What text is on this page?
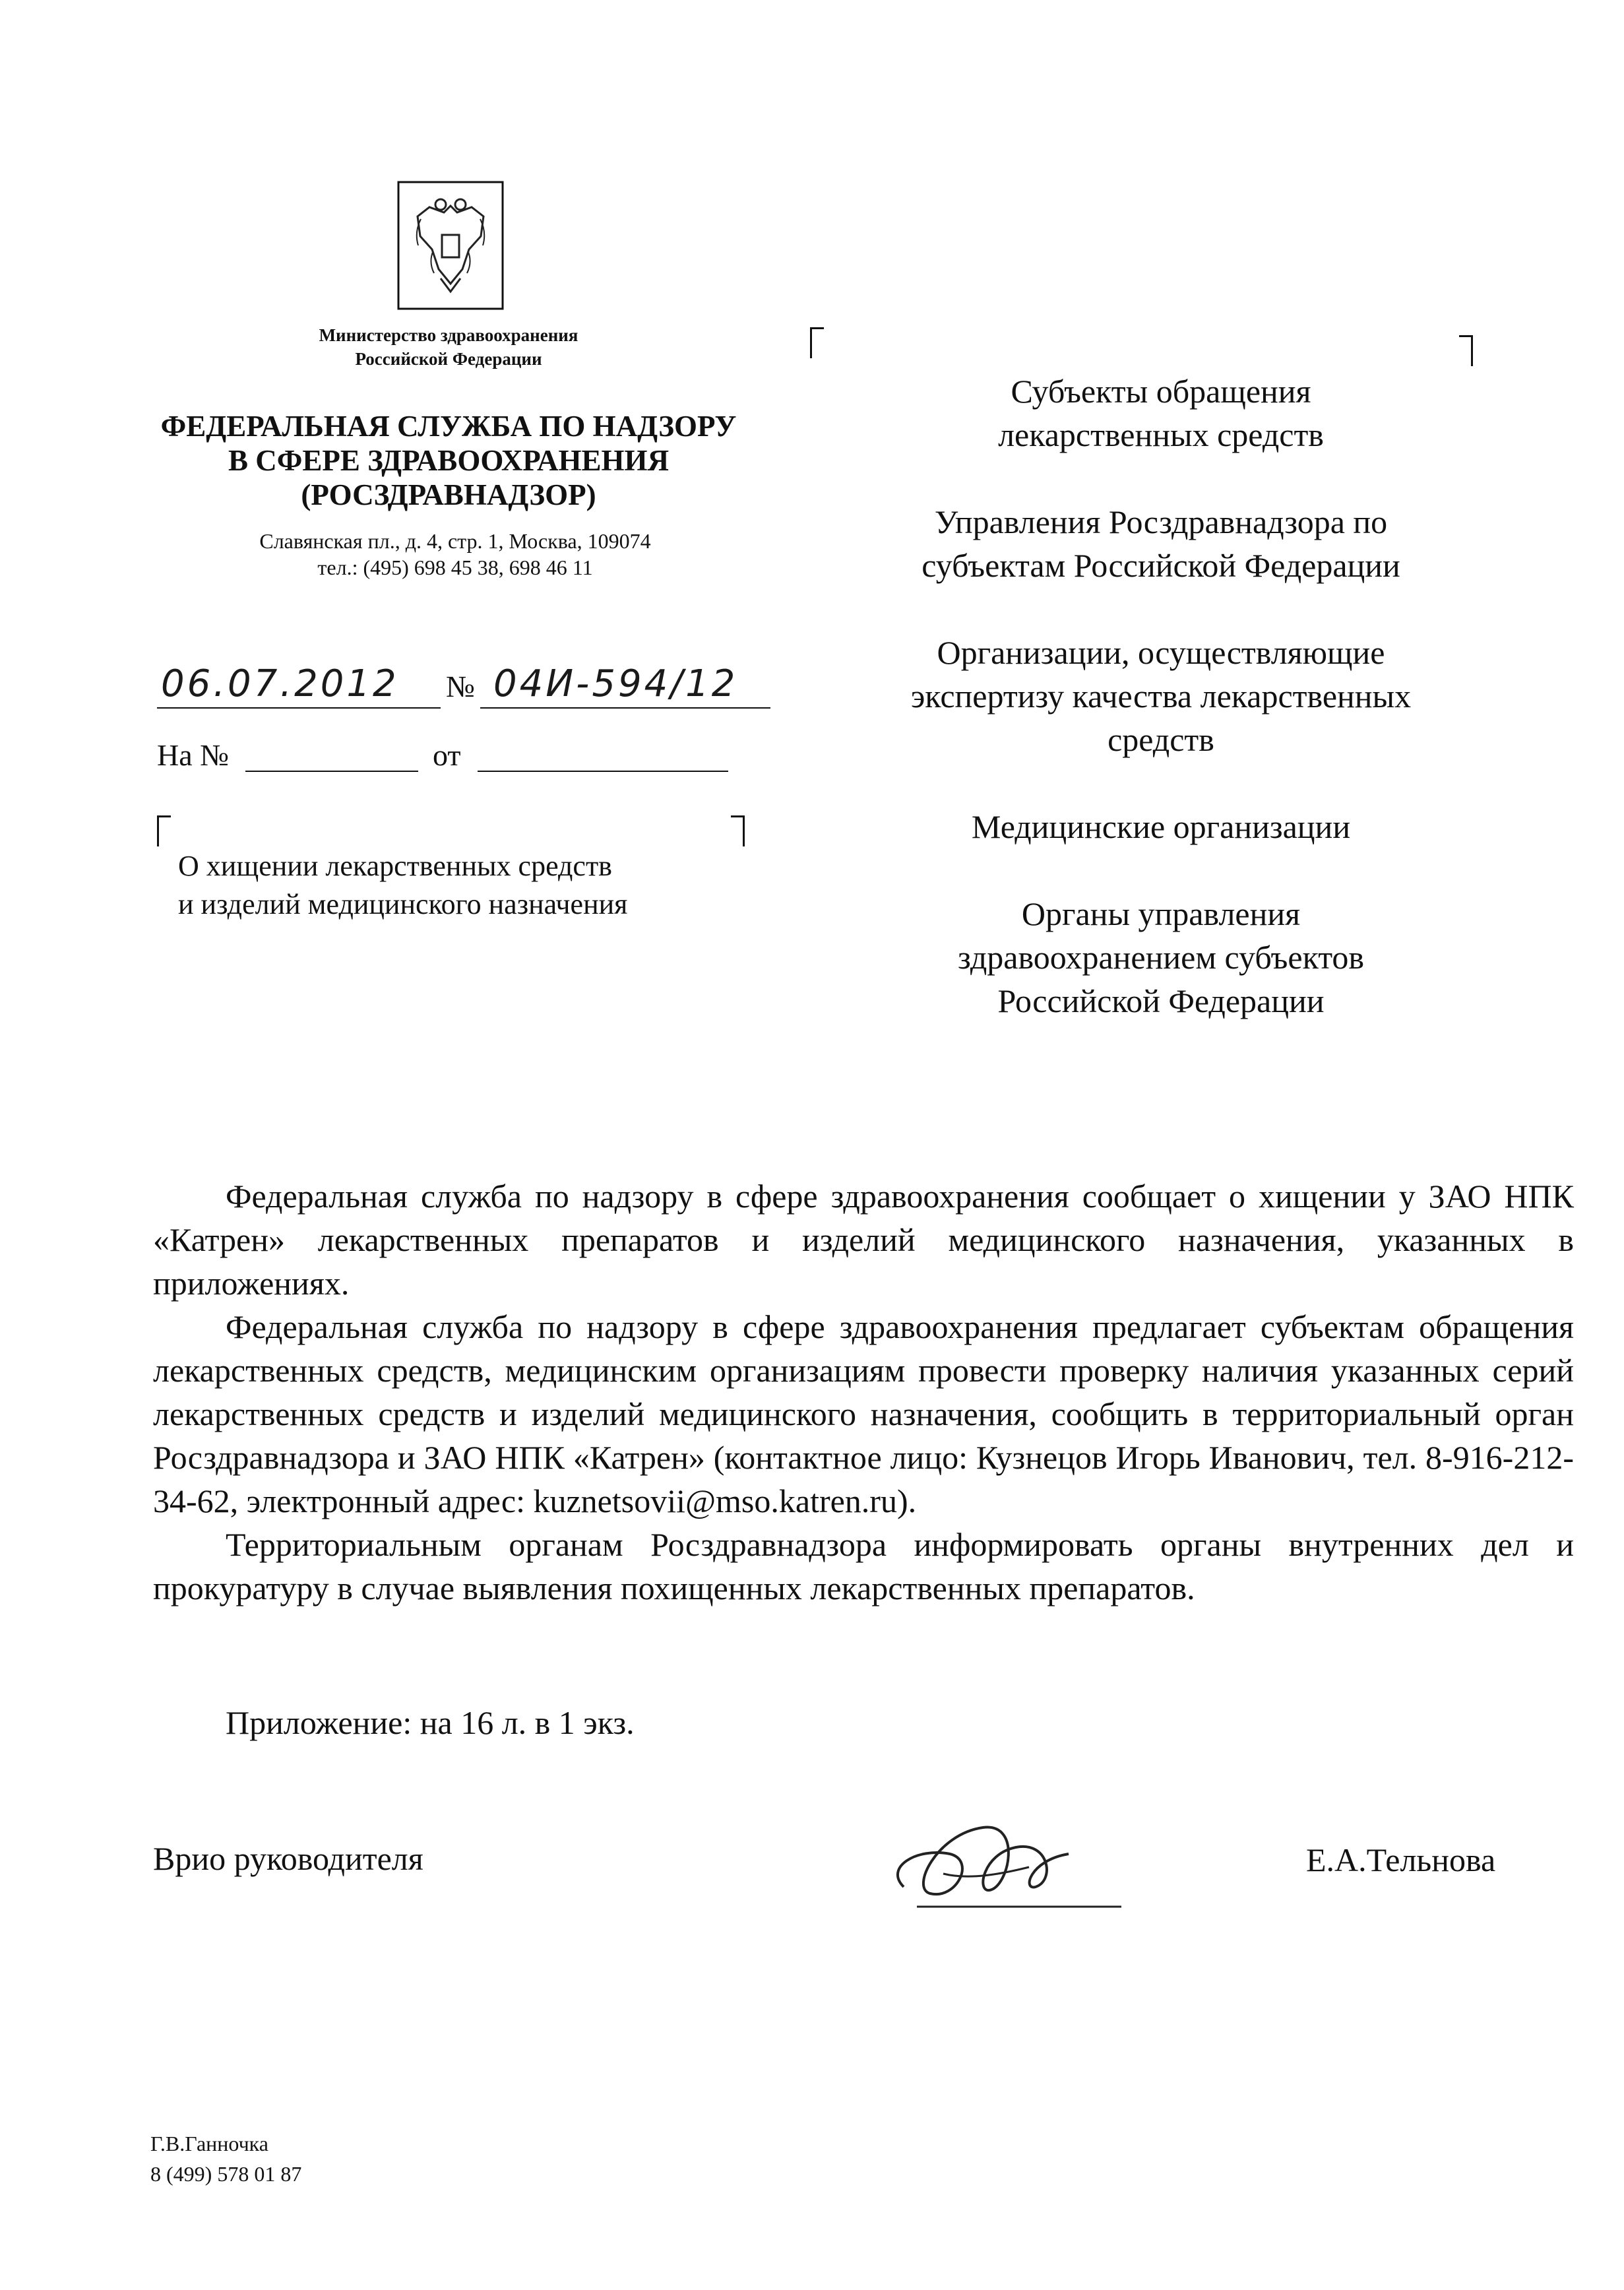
Министерство здравоохранения
Российской Федерации
ФЕДЕРАЛЬНАЯ СЛУЖБА ПО НАДЗОРУ
В СФЕРЕ ЗДРАВООХРАНЕНИЯ
(РОСЗДРАВНАДЗОР)
Славянская пл., д. 4, стр. 1, Москва, 109074
тел.: (495) 698 45 38, 698 46 11
06.07.2012 № 04И-594/12
На №	от
О хищении лекарственных средств
и изделий медицинского назначения
Субъекты обращения
лекарственных средств
Управления Росздравнадзора по
субъектам Российской Федерации
Организации, осуществляющие
экспертизу качества лекарственных
средств
Медицинские организации
Органы управления
здравоохранением субъектов
Российской Федерации

Федеральная служба по надзору в сфере здравоохранения сообщает о хищении у ЗАО НПК «Катрен» лекарственных препаратов и изделий медицинского назначения, указанных в приложениях.

Федеральная служба по надзору в сфере здравоохранения предлагает субъектам обращения лекарственных средств, медицинским организациям провести проверку наличия указанных серий лекарственных средств и изделий медицинского назначения, сообщить в территориальный орган Росздравнадзора и ЗАО НПК «Катрен» (контактное лицо: Кузнецов Игорь Иванович, тел. 8-916-212-34-62, электронный адрес: kuznetsovii@mso.katren.ru).

Территориальным органам Росздравнадзора информировать органы внутренних дел и прокуратуру в случае выявления похищенных лекарственных препаратов.

Приложение: на 16 л. в 1 экз.
Врио руководителя	Е.А.Тельнова
Г.В.Ганночка
8 (499) 578 01 87
